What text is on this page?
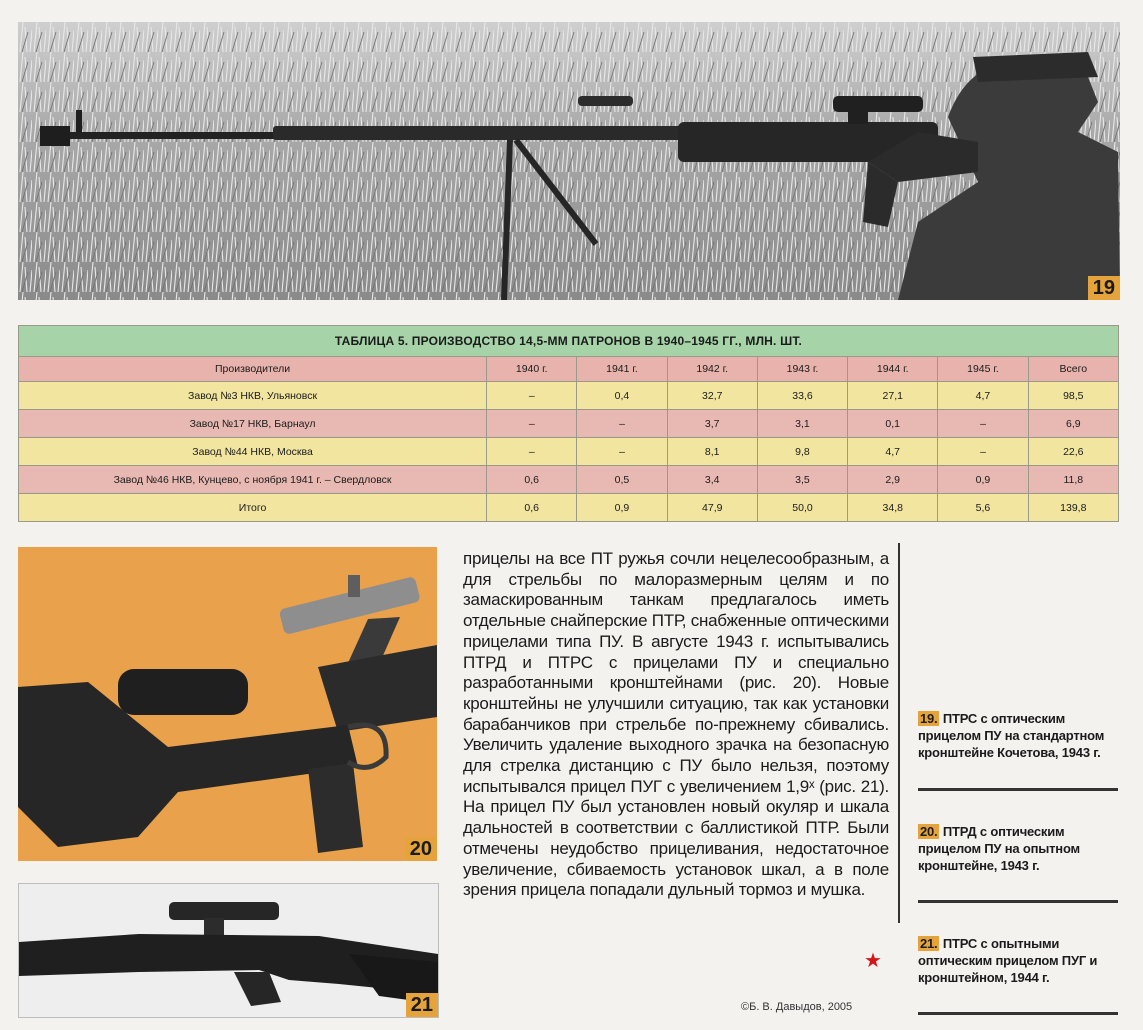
19
ТАБЛИЦА 5. ПРОИЗВОДСТВО 14,5-ММ ПАТРОНОВ В 1940–1945 ГГ., МЛН. ШТ.							
Производители	1940 г.	1941 г.	1942 г.	1943 г.	1944 г.	1945 г.	Всего
Завод №3 НКВ, Ульяновск	–	0,4	32,7	33,6	27,1	4,7	98,5
Завод №17 НКВ, Барнаул	–	–	3,7	3,1	0,1	–	6,9
Завод №44 НКВ, Москва	–	–	8,1	9,8	4,7	–	22,6
Завод №46 НКВ, Кунцево, с ноября 1941 г. – Свердловск	0,6	0,5	3,4	3,5	2,9	0,9	11,8
Итого	0,6	0,9	47,9	50,0	34,8	5,6	139,8
20
21

прицелы на все ПТ ружья сочли нецелесообразным, а для стрельбы по малоразмерным целям и по замаскированным танкам предлагалось иметь отдельные снайперские ПТР, снабженные оптическими прицелами типа ПУ. В августе 1943 г. испытывались ПТРД и ПТРС с прицелами ПУ и специально разработанными кронштейнами (рис. 20). Новые кронштейны не улучшили ситуацию, так как установки барабанчиков при стрельбе по-прежнему сбивались. Увеличить удаление выходного зрачка на безопасную для стрелка дистанцию с ПУ было нельзя, поэтому испытывался прицел ПУГ с увеличением 1,9ˣ (рис. 21). На прицел ПУ был установлен новый окуляр и шкала дальностей в соответствии с баллистикой ПТР. Были отмечены неудобство прицеливания, недостаточное увеличение, сбиваемость установок шкал, а в поле зрения прицела попадали дульный тормоз и мушка.

★
©Б. В. Давыдов, 2005
19. ПТРС с оптическим прицелом ПУ на стандартном кронштейне Кочетова, 1943 г.
20. ПТРД с оптическим прицелом ПУ на опытном кронштейне, 1943 г.
21. ПТРС с опытными оптическим прицелом ПУГ и кронштейном, 1944 г.
